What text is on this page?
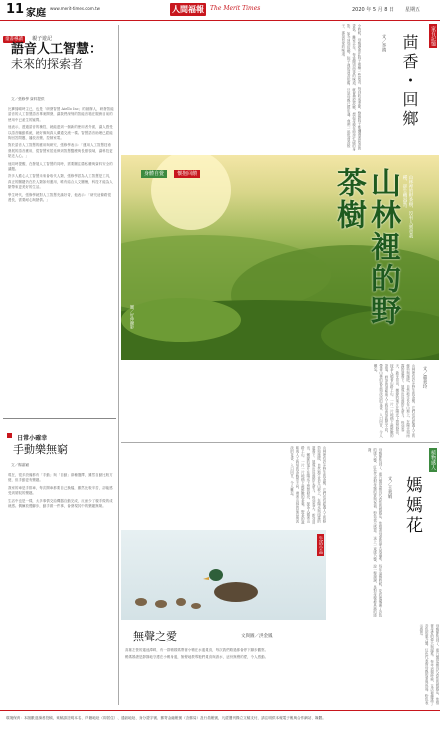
11 家庭 www.merit-times.com.tw	人間福報 The Merit Times	2020 年 5 月 8 日 星期五
童書導讀 親子遊記
語音人工智慧：
未來的探索者
文／張修學 資料提供

比賽掃瞄時主已，也是「研發智慧 Aiello Inc」的創辦人，研發智能語音的人工智慧語音專案開發，讓我們深刻的智能音箱在服務目前的使用中已產生的疑問。

他表示，透過語音的操控，就能達到一個新的使用者介面，讓人感受以語音驅動系統，就好像與真人溝通交流一樣。智慧語音助理已經能夠回答問題、播放音樂、控制家電。

對於語音人工智慧的應用與研究，張修學表示：「運用人工智慧技術發展的語音應用，從智慧家居延伸到智慧醫療與長照領域，讓科技更貼近人心。」

他同時提醒，在發展人工智慧的同時，需要關注隱私權與資料安全的議題。

許多人擔心人工智慧未來會取代人類，張修學認為人工智慧是工具，真正的關鍵仍在於人類如何運用，唯有結合人文關懷，科技才能為人類帶來更美好的生活。

學生時代，張修學就對人工智慧充滿好奇，他表示：「研究這條路很漫長，需要耐心與熱情。」

日常小確幸
手動樂無窮
文／楊嘉穎

現在，很多設備都有「手動」與「自動」兩種選擇，雖然自動比較方便，但手動更有樂趣。

我家的車是手排車，每次開車都要自己換檔，雖然比較辛苦，卻能感受到駕馭的樂趣。

生活中也是一樣，太多事情交給機器自動完成，反而少了親手做的成就感。偶爾放慢腳步，動手做一件事，會發現其中的樂趣無窮。

身體自覺	懷抱回饋	山林裡的野茶樹	山林裡的野茶樹，沒有人刻意栽種，卻生機盎然。
圖／好伸攝影
山林裡有許多野生的茶樹，它們沒有經過人工的修剪與施肥，自然地生長在山坡上，在陽光與雨露的滋養下，展現出旺盛的生命力。 每到春天，新芽冒出，嫩綠的葉片在陽光下閃閃發亮，採茶人循著山路上山，一片一片地摘下最鮮嫩的茶葉。 野茶的滋味與人工栽培的茶截然不同，帶著山林的氣息與淡淡的花香，入口回甘，令人難忘。	文／董美玲
小時候，母親總會在院子裡種一些茴香，每到收成季節，整個院子都瀰漫著茴香的香氣。 離家多年，每當聞到茴香的味道，就會想起故鄉，想起母親在廚房忙碌的身影。 如今回到故鄉，院子裡的茴香依舊，只是母親已經年邁，我們一起包茴香餃子，那是回家的味道。	家有記憶
茴香・回鄉
文／李靖
植物感人
媽媽花
文／王美娟
母親節快到了，康乃馨是最具代表性的媽媽花，象徵著母愛的偉大與溫柔。 每年這個時候，花店裡擺滿了各色的康乃馨，紅色代表對母親的愛與祝福，粉色表示感恩。 送上一束康乃馨，說一聲謝謝，是對母親最真誠的感謝。
山林裡有許多野生的茶樹，它們沒有經過人工的修剪與施肥，自然地生長在山坡上，在陽光與雨露的滋養下，展現出旺盛的生命力。 每到春天，新芽冒出，嫩綠的葉片在陽光下閃閃發亮，採茶人循著山路上山，一片一片地摘下最鮮嫩的茶葉。 野茶的滋味與人工栽培的茶截然不同，帶著山林的氣息與淡淡的花香，入口回甘，令人難忘。
生活小品
無聲之愛	文與圖／洪金鳳

高雄左營的蓮池潭畔，有一群鴨媽媽帶著小鴨在水邊覓食，每次我們路過都會停下腳步觀察。

鴨媽媽總是靜靜地守護在小鴨身邊，無聲地教導牠們覓食與游水，這份無聲的愛，令人感動。	母親節快到了，康乃馨是最具代表性的媽媽花，象徵著母愛的偉大與溫柔。 每年這個時候，花店裡擺滿了各色的康乃馨，紅色代表對母親的愛與祝福，粉色表示感恩。
環境保育：本版歡迎讀者投稿，來稿請註明本名、戶籍地址（即居住）、通訊地址、身分證字號、郵寄金融帳號（含郵局）及行員帳號，凡經選刊錄立文稿支付，請注明供本報電子報與合作網站、媒體。
